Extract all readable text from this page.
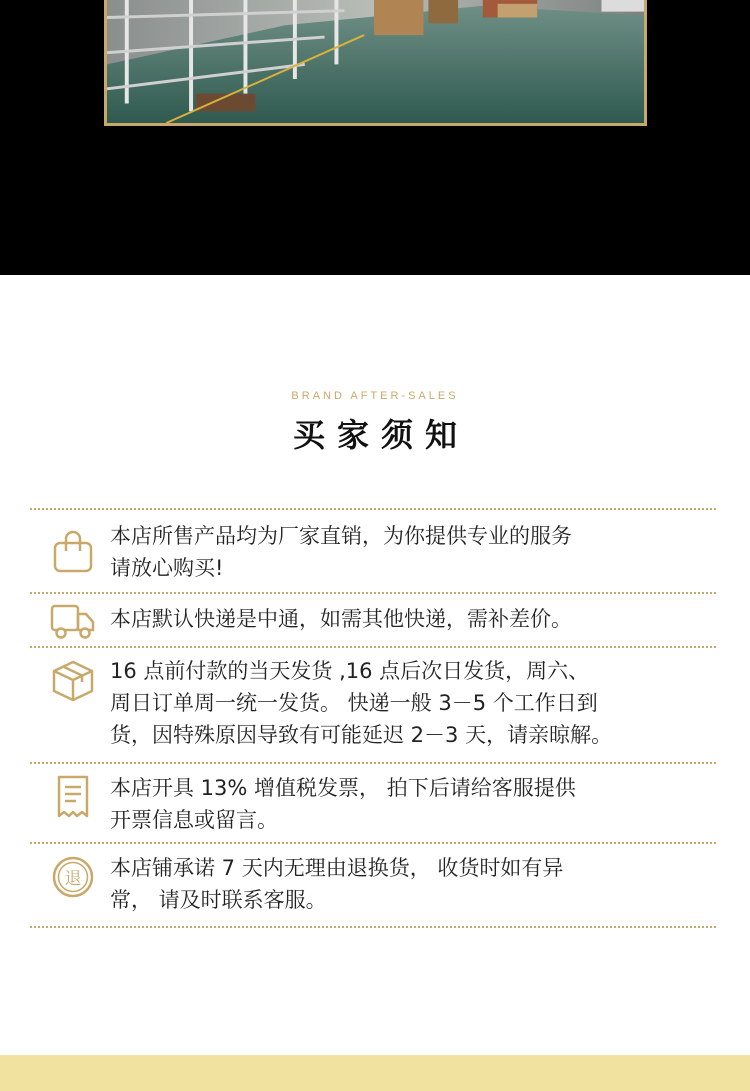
BRAND AFTER-SALES
买家须知
本店所售产品均为厂家直销，为你提供专业的服务
请放心购买!
本店默认快递是中通，如需其他快递，需补差价。
16 点前付款的当天发货 ,16 点后次日发货，周六、
周日订单周一统一发货。 快递一般 3－5 个工作日到
货，因特殊原因导致有可能延迟 2－3 天，请亲晾解。
本店开具 13% 增值税发票， 拍下后请给客服提供
开票信息或留言。
退 本店铺承诺 7 天内无理由退换货， 收货时如有异
常， 请及时联系客服。
